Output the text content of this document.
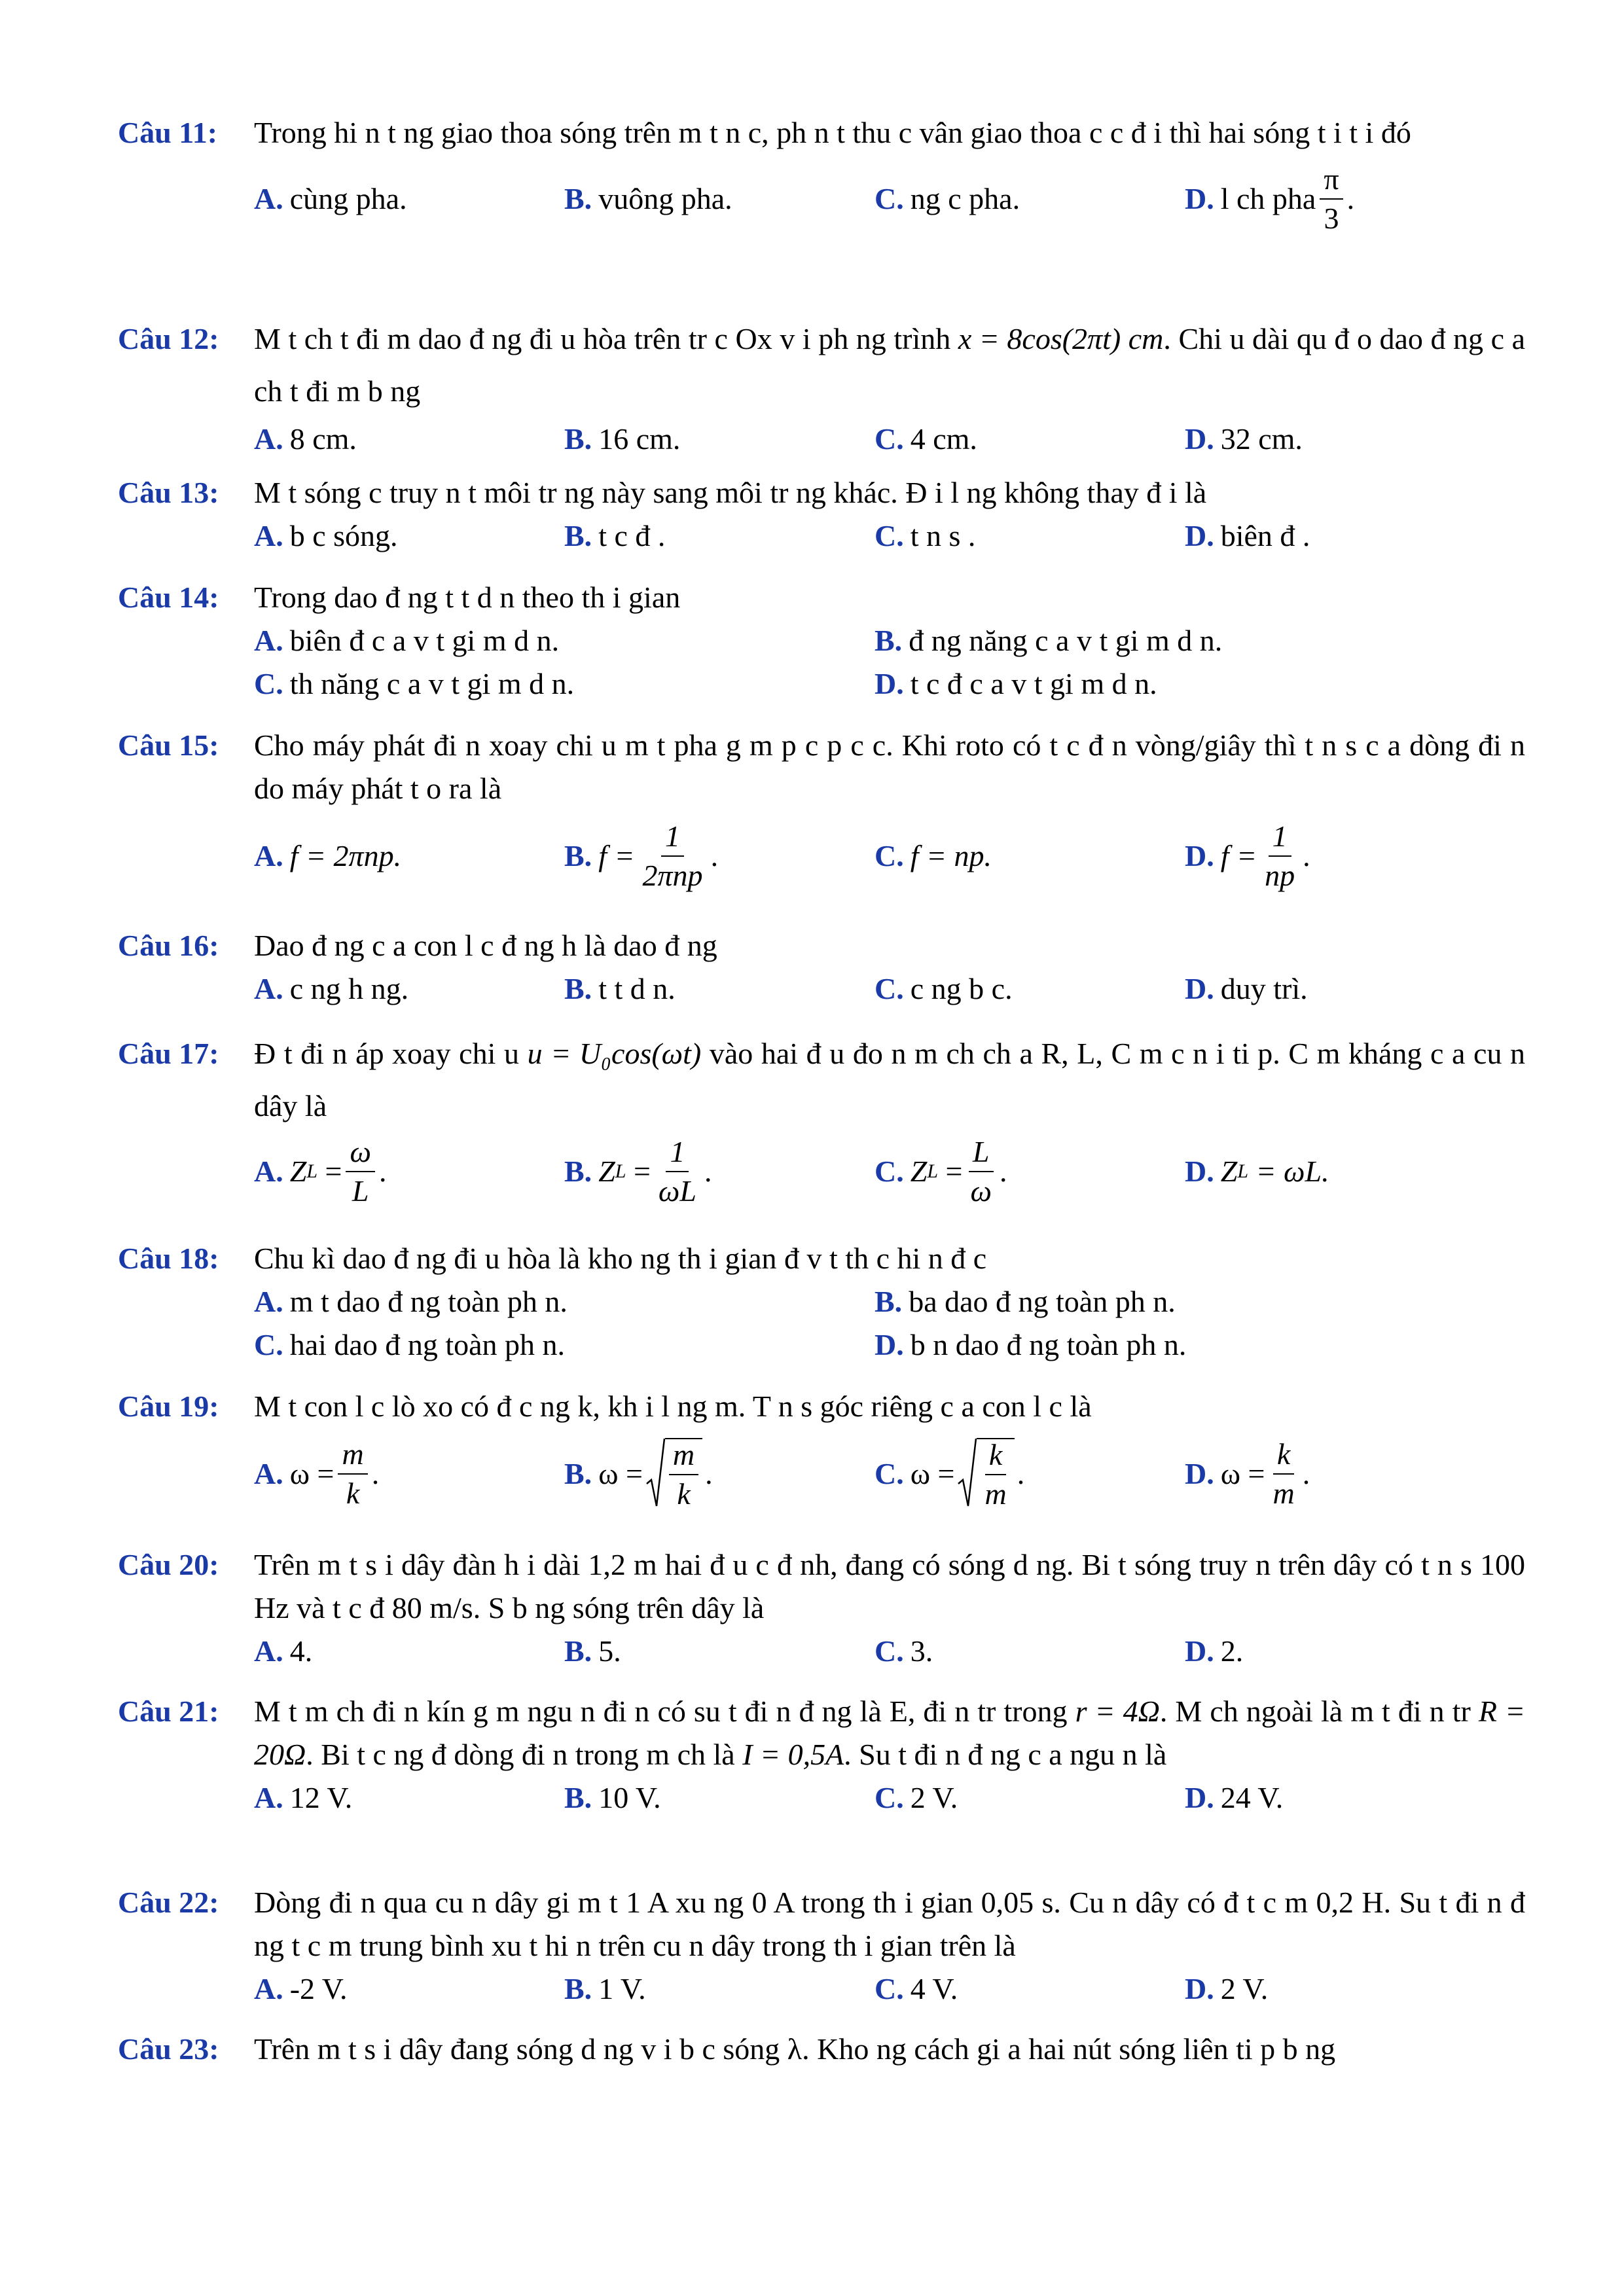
Câu 11:	Trong hi n t ng giao thoa sóng trên m t n c, ph n t thu c vân giao thoa c c đ i thì hai sóng t i t i đó
A. cùng pha.	B. vuông pha.	C. ng c pha.	D. l ch pha $\frac{\pi}{3}$ .
Câu 12:	M t ch t đi m dao đ ng đi u hòa trên tr c Ox v i ph ng trình x = 8cos(2πt) cm. Chi u dài qu đ o dao đ ng c a ch t đi m b ng
A. 8 cm.	B. 16 cm.	C. 4 cm.	D. 32 cm.
Câu 13:	M t sóng c truy n t môi tr ng này sang môi tr ng khác. Đ i l ng không thay đ i là
A. b c sóng.	B. t c đ .	C. t n s .	D. biên đ .
Câu 14:	Trong dao đ ng t t d n theo th i gian
A. biên đ c a v t gi m d n.	B. đ ng năng c a v t gi m d n.
C. th năng c a v t gi m d n.	D. t c đ c a v t gi m d n.
Câu 15:	Cho máy phát đi n xoay chi u m t pha g m p c p c c. Khi roto có t c đ n vòng/giây thì t n s c a dòng đi n do máy phát t o ra là
A. f = 2πnp.	B. $f = \frac{1}{\text{2πnp}}$ .	C. f = np.	D. $f = \frac{1}{np}$ .
Câu 16:	Dao đ ng c a con l c đ ng h là dao đ ng
A. c ng h ng.	B. t t d n.	C. c ng b c.	D. duy trì.
Câu 17:	Đ t đi n áp xoay chi u u = U₀cos(ωt) vào hai đ u đo n m ch ch a R, L, C m c n i ti p. C m kháng c a cu n dây là
A. Z L
= $\frac{\omega}{L}$ .	B. Z L
= $\frac{1}{\omega L}$ .	C. Z L
= $\frac{L}{\omega}$ .	D. Z L
= ωL.
Câu 18:	Chu kì dao đ ng đi u hòa là kho ng th i gian đ v t th c hi n đ c
A. m t dao đ ng toàn ph n.	B. ba dao đ ng toàn ph n.
C. hai dao đ ng toàn ph n.	D. b n dao đ ng toàn ph n.
Câu 19:	M t con l c lò xo có đ c ng k, kh i l ng m. T n s góc riêng c a con l c là
A. $\omega = \frac{m}{k}$ .	B. $\omega = \frac{m}{k}$ .	C. $\omega = \frac{k}{m}$ .	D. $\omega = \frac{k}{m}$ .
Câu 20:	Trên m t s i dây đàn h i dài 1,2 m hai đ u c đ nh, đang có sóng d ng. Bi t sóng truy n trên dây có t n s 100 Hz và t c đ 80 m/s. S b ng sóng trên dây là
A. 4.	B. 5.	C. 3.	D. 2.
Câu 21:	M t m ch đi n kín g m ngu n đi n có su t đi n đ ng là E, đi n tr trong r = 4Ω. M ch ngoài là m t đi n tr R = 20Ω. Bi t c ng đ dòng đi n trong m ch là I = 0,5A. Su t đi n đ ng c a ngu n là
A. 12 V.	B. 10 V.	C. 2 V.	D. 24 V.
Câu 22:	Dòng đi n qua cu n dây gi m t 1 A xu ng 0 A trong th i gian 0,05 s. Cu n dây có đ t c m 0,2 H. Su t đi n đ ng t c m trung bình xu t hi n trên cu n dây trong th i gian trên là
A. -2 V.	B. 1 V.	C. 4 V.	D. 2 V.
Câu 23:	Trên m t s i dây đang sóng d ng v i b c sóng λ. Kho ng cách gi a hai nút sóng liên ti p b ng
